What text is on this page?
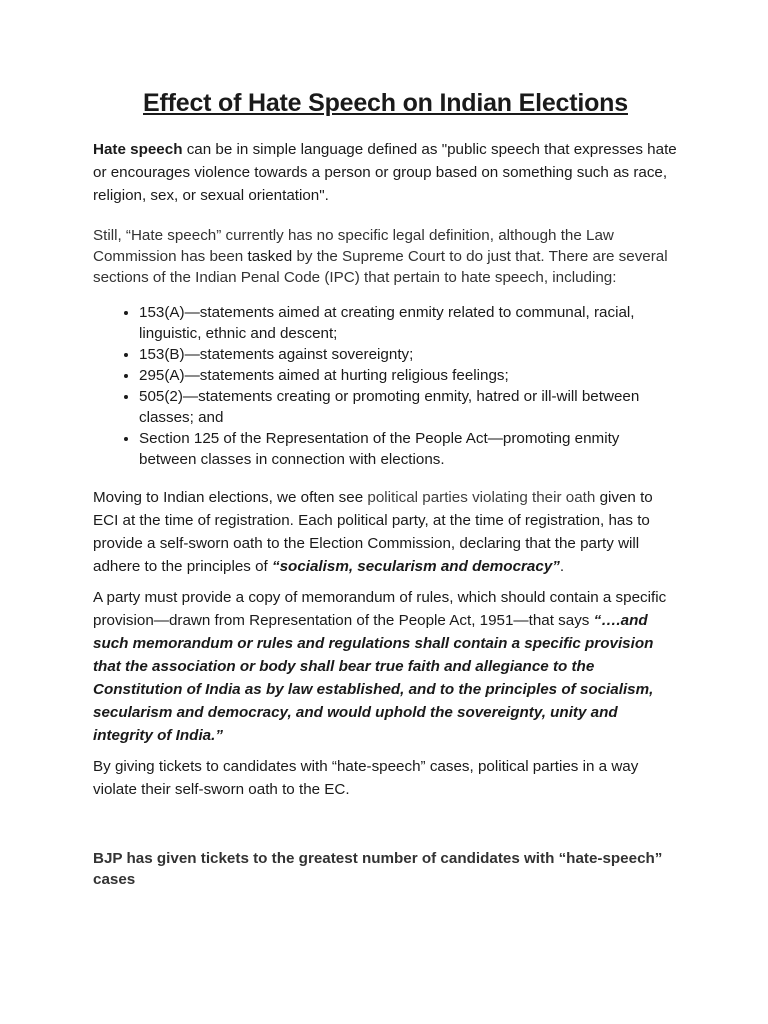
Effect of Hate Speech on Indian Elections

Hate speech can be in simple language defined as "public speech that expresses hate or encourages violence towards a person or group based on something such as race, religion, sex, or sexual orientation".

Still, “Hate speech” currently has no specific legal definition, although the Law Commission has been tasked by the Supreme Court to do just that. There are several sections of the Indian Penal Code (IPC) that pertain to hate speech, including:

• 153(A)—statements aimed at creating enmity related to communal, racial, linguistic, ethnic and descent;
• 153(B)—statements against sovereignty;
• 295(A)—statements aimed at hurting religious feelings;
• 505(2)—statements creating or promoting enmity, hatred or ill-will between classes; and
• Section 125 of the Representation of the People Act—promoting enmity between classes in connection with elections.

Moving to Indian elections, we often see political parties violating their oath given to ECI at the time of registration. Each political party, at the time of registration, has to provide a self-sworn oath to the Election Commission, declaring that the party will adhere to the principles of “socialism, secularism and democracy”.

A party must provide a copy of memorandum of rules, which should contain a specific provision—drawn from Representation of the People Act, 1951—that says “….and such memorandum or rules and regulations shall contain a specific provision that the association or body shall bear true faith and allegiance to the Constitution of India as by law established, and to the principles of socialism, secularism and democracy, and would uphold the sovereignty, unity and integrity of India.”

By giving tickets to candidates with “hate-speech” cases, political parties in a way violate their self-sworn oath to the EC.

BJP has given tickets to the greatest number of candidates with “hate-speech” cases
